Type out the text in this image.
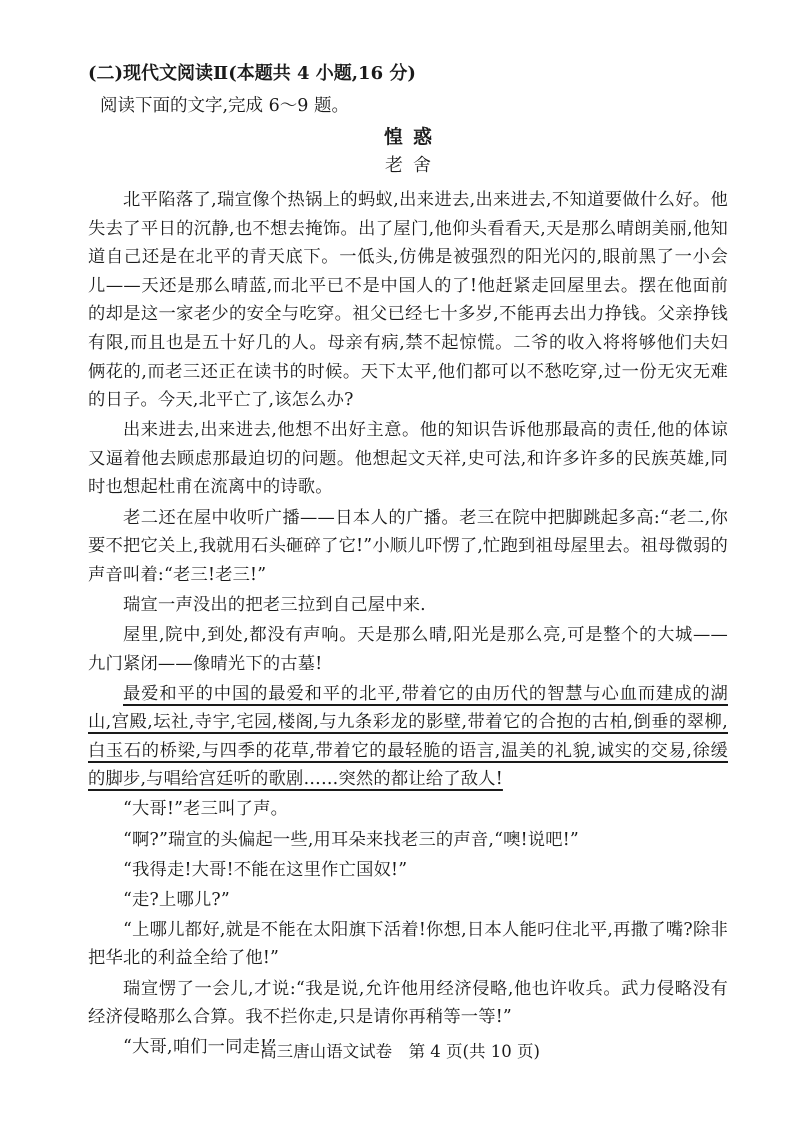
(二)现代文阅读Ⅱ(本题共 4 小题,16 分)
阅读下面的文字,完成 6～9 题。
惶惑
老舍

北平陷落了,瑞宣像个热锅上的蚂蚁,出来进去,出来进去,不知道要做什么好。他失去了平日的沉静,也不想去掩饰。出了屋门,他仰头看看天,天是那么晴朗美丽,他知道自己还是在北平的青天底下。一低头,仿佛是被强烈的阳光闪的,眼前黑了一小会儿——天还是那么晴蓝,而北平已不是中国人的了!他赶紧走回屋里去。摆在他面前的却是这一家老少的安全与吃穿。祖父已经七十多岁,不能再去出力挣钱。父亲挣钱有限,而且也是五十好几的人。母亲有病,禁不起惊慌。二爷的收入将将够他们夫妇俩花的,而老三还正在读书的时候。天下太平,他们都可以不愁吃穿,过一份无灾无难的日子。今天,北平亡了,该怎么办?

出来进去,出来进去,他想不出好主意。他的知识告诉他那最高的责任,他的体谅又逼着他去顾虑那最迫切的问题。他想起文天祥,史可法,和许多许多的民族英雄,同时也想起杜甫在流离中的诗歌。

老二还在屋中收听广播——日本人的广播。老三在院中把脚跳起多高:“老二,你要不把它关上,我就用石头砸碎了它!”小顺儿吓愣了,忙跑到祖母屋里去。祖母微弱的声音叫着:“老三!老三!”

瑞宣一声没出的把老三拉到自己屋中来.

屋里,院中,到处,都没有声响。天是那么晴,阳光是那么亮,可是整个的大城——九门紧闭——像晴光下的古墓!

最爱和平的中国的最爱和平的北平,带着它的由历代的智慧与心血而建成的湖山,宫殿,坛社,寺宇,宅园,楼阁,与九条彩龙的影壁,带着它的合抱的古柏,倒垂的翠柳,白玉石的桥梁,与四季的花草,带着它的最轻脆的语言,温美的礼貌,诚实的交易,徐缓的脚步,与唱给宫廷听的歌剧……突然的都让给了敌人!

“大哥!”老三叫了声。

“啊?”瑞宣的头偏起一些,用耳朵来找老三的声音,“噢!说吧!”

“我得走!大哥!不能在这里作亡国奴!”

“走?上哪儿?”

“上哪儿都好,就是不能在太阳旗下活着!你想,日本人能叼住北平,再撒了嘴?除非把华北的利益全给了他!”

瑞宣愣了一会儿,才说:“我是说,允许他用经济侵略,他也许收兵。武力侵略没有经济侵略那么合算。我不拦你走,只是请你再稍等一等!”

“大哥,咱们一同走!”

高三唐山语文试卷　第 4 页(共 10 页)
